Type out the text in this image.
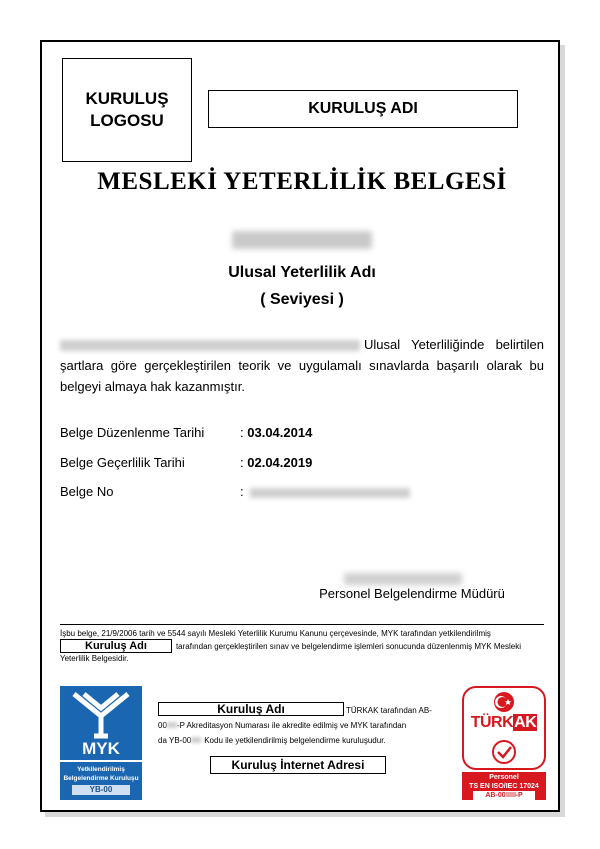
KURULUŞ
LOGOSU
KURULUŞ ADI
MESLEKİ YETERLİLİK BELGESİ
Ulusal Yeterlilik Adı
( Seviyesi )
Ulusal Yeterliliğinde belirtilen şartlara göre gerçekleştirilen teorik ve uygulamalı sınavlarda başarılı olarak bu belgeyi almaya hak kazanmıştır.
Belge Düzenlenme Tarihi	: 03.04.2014
Belge Geçerlilik Tarihi	: 02.04.2019
Belge No	:
Personel Belgelendirme Müdürü
İşbu belge, 21/9/2006 tarih ve 5544 sayılı Mesleki Yeterlilik Kurumu Kanunu çerçevesinde, MYK tarafından yetkilendirilmiş
Kuruluş Adı	tarafından gerçekleştirilen sınav ve belgelendirme işlemleri sonucunda düzenlenmiş MYK Mesleki Yeterlilik Belgesidir.
MYK
Yetkilendirilmiş
Belgelendirme Kuruluşu
YB-00
Kuruluş Adı	TÜRKAK tarafından AB-
00 -P Akreditasyon Numarası ile akredite edilmiş ve MYK tarafından
da YB-00 Kodu ile yetkilendirilmiş belgelendirme kuruluşudur.
Kuruluş İnternet Adresi
TÜRKAK
Personel
TS EN ISO/IEC 17024
AB-00 -P
